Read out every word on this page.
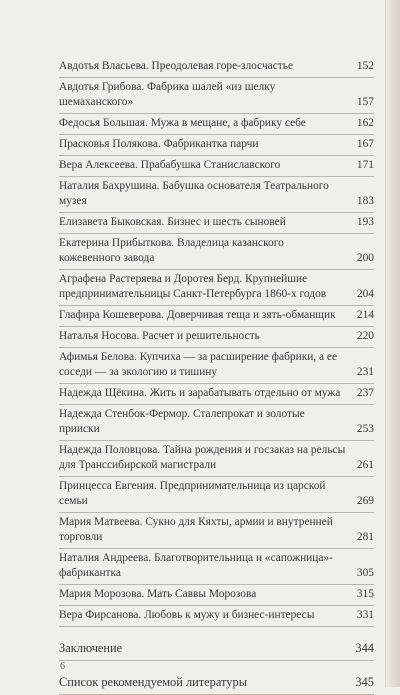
Авдотья Власьева. Преодолевая горе-злосчастье	152
Авдотья Грибова. Фабрика шалей «из шелку шемаханского»	157
Федосья Большая. Мужа в мещане, а фабрику себе	162
Прасковья Полякова. Фабрикантка парчи	167
Вера Алексеева. Прабабушка Станиславского	171
Наталия Бахрушина. Бабушка основателя Театрального музея	183
Елизавета Быковская. Бизнес и шесть сыновей	193
Екатерина Прибыткова. Владелица казанского кожевенного завода	200
Аграфена Растеряева и Доротея Берд. Крупнейшие предпринимательницы Санкт-Петербурга 1860-х годов	204
Глафира Кошеверова. Доверчивая теща и зять-обманщик	214
Наталья Носова. Расчет и решительность	220
Афимья Белова. Купчиха — за расширение фабрики, а ее соседи — за экологию и тишину	231
Надежда Щёкина. Жить и зарабатывать отдельно от мужа	237
Надежда Стенбок-Фермор. Сталепрокат и золотые прииски	253
Надежда Половцова. Тайна рождения и госзаказ на рельсы для Транссибирской магистрали	261
Принцесса Евгения. Предпринимательница из царской семьи	269
Мария Матвеева. Сукно для Кяхты, армии и внутренней торговли	281
Наталия Андреева. Благотворительница и «сапожница»-фабрикантка	305
Мария Морозова. Мать Саввы Морозова	315
Вера Фирсанова. Любовь к мужу и бизнес-интересы	331
Заключение	344
Список рекомендуемой литературы	345
6
